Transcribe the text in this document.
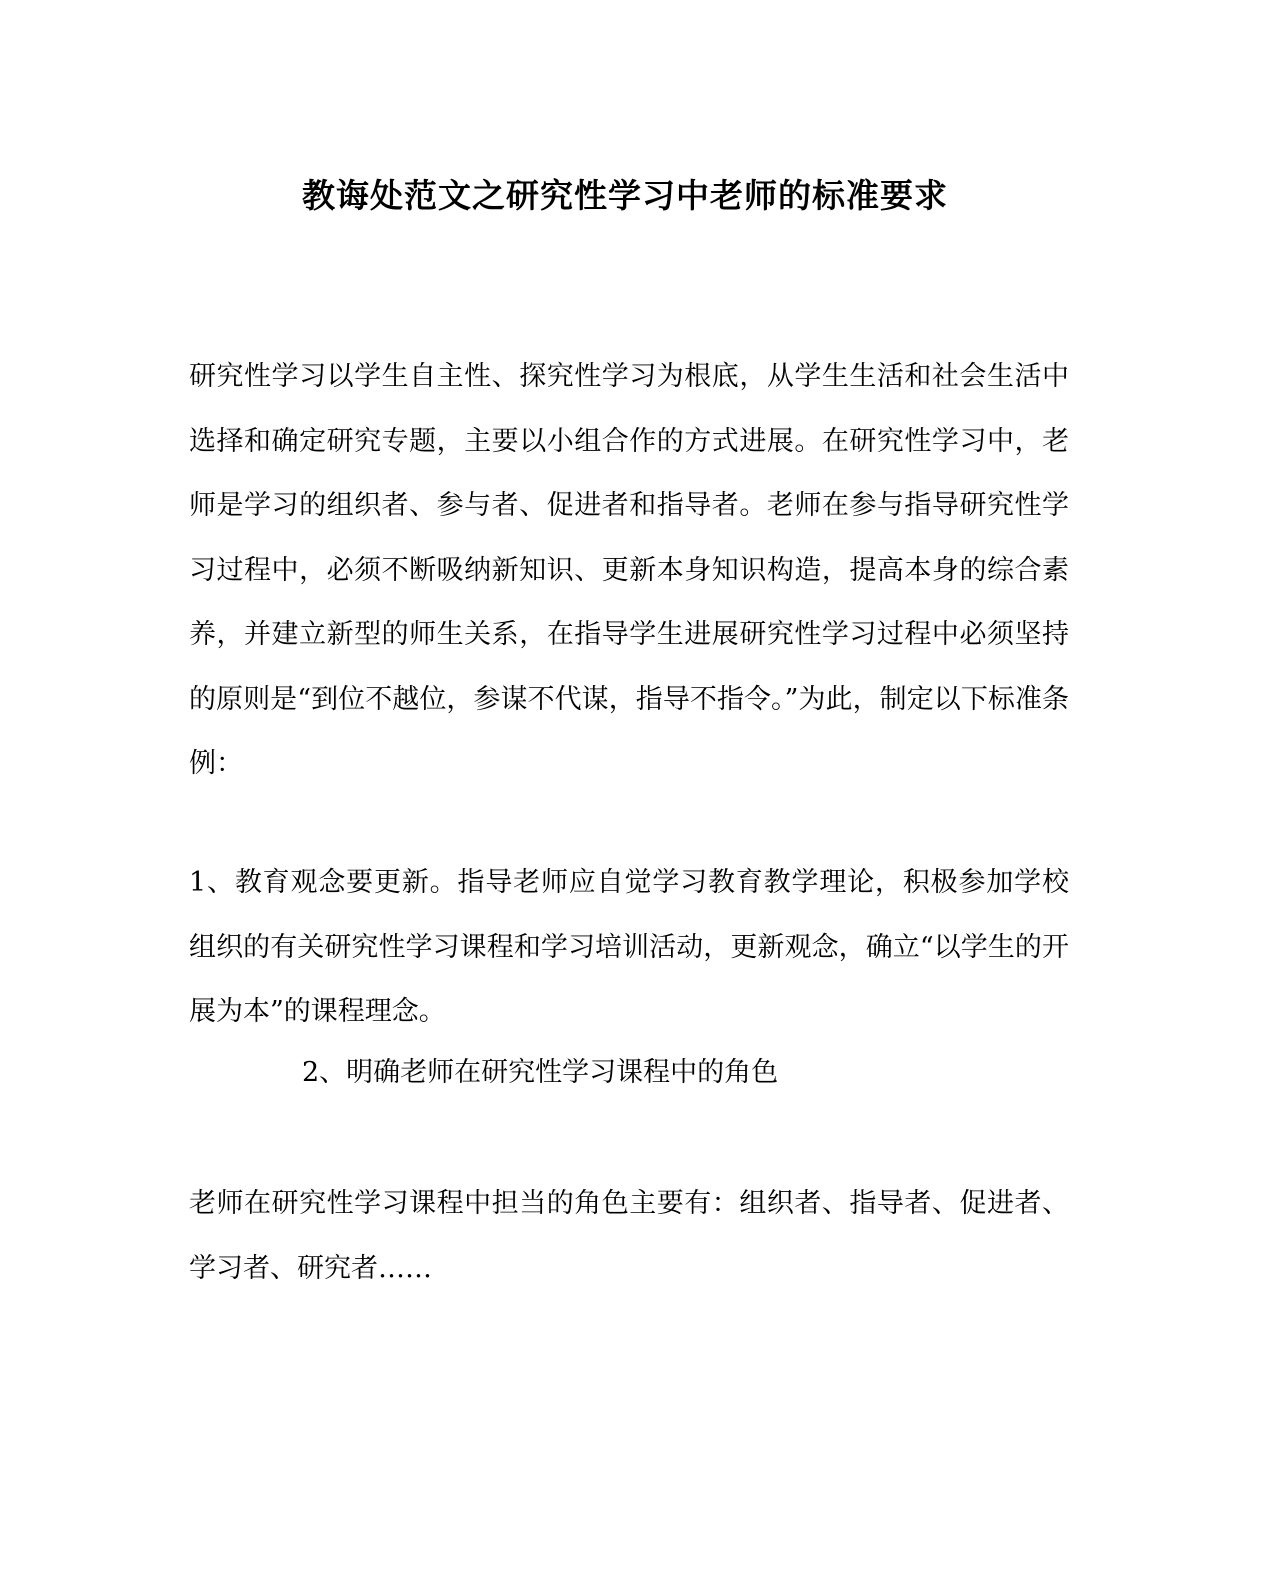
教诲处范文之研究性学习中老师的标准要求

研究性学习以学生自主性、探究性学习为根底，从学生生活和社会生活中选择和确定研究专题，主要以小组合作的方式进展。在研究性学习中，老师是学习的组织者、参与者、促进者和指导者。老师在参与指导研究性学习过程中，必须不断吸纳新知识、更新本身知识构造，提高本身的综合素养，并建立新型的师生关系，在指导学生进展研究性学习过程中必须坚持的原则是“到位不越位，参谋不代谋，指导不指令。”为此，制定以下标准条例：

1、教育观念要更新。指导老师应自觉学习教育教学理论，积极参加学校组织的有关研究性学习课程和学习培训活动，更新观念，确立“以学生的开展为本”的课程理念。

2、明确老师在研究性学习课程中的角色

老师在研究性学习课程中担当的角色主要有：组织者、指导者、促进者、学习者、研究者……
